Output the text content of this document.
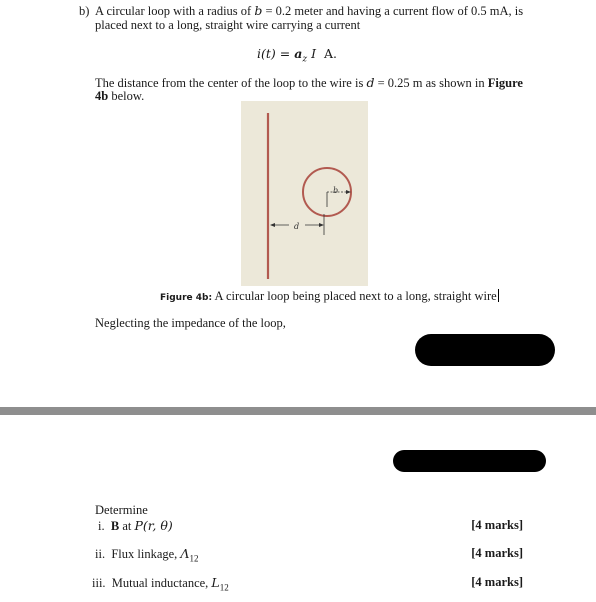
b) A circular loop with a radius of b = 0.2 meter and having a current flow of 0.5 mA, is
placed next to a long, straight wire carrying a current
$i(t) = a_z$ I A.
The distance from the center of the loop to the wire is d = 0.25 m as shown in Figure
4b below.
b
d
Figure 4b: A circular loop being placed next to a long, straight wire
Neglecting the impedance of the loop,
Determine
i. B at P(r, θ)	[4 marks]
ii. Flux linkage, $\Lambda_{12}$	[4 marks]
iii. Mutual inductance, $L_{12}$	[4 marks]
